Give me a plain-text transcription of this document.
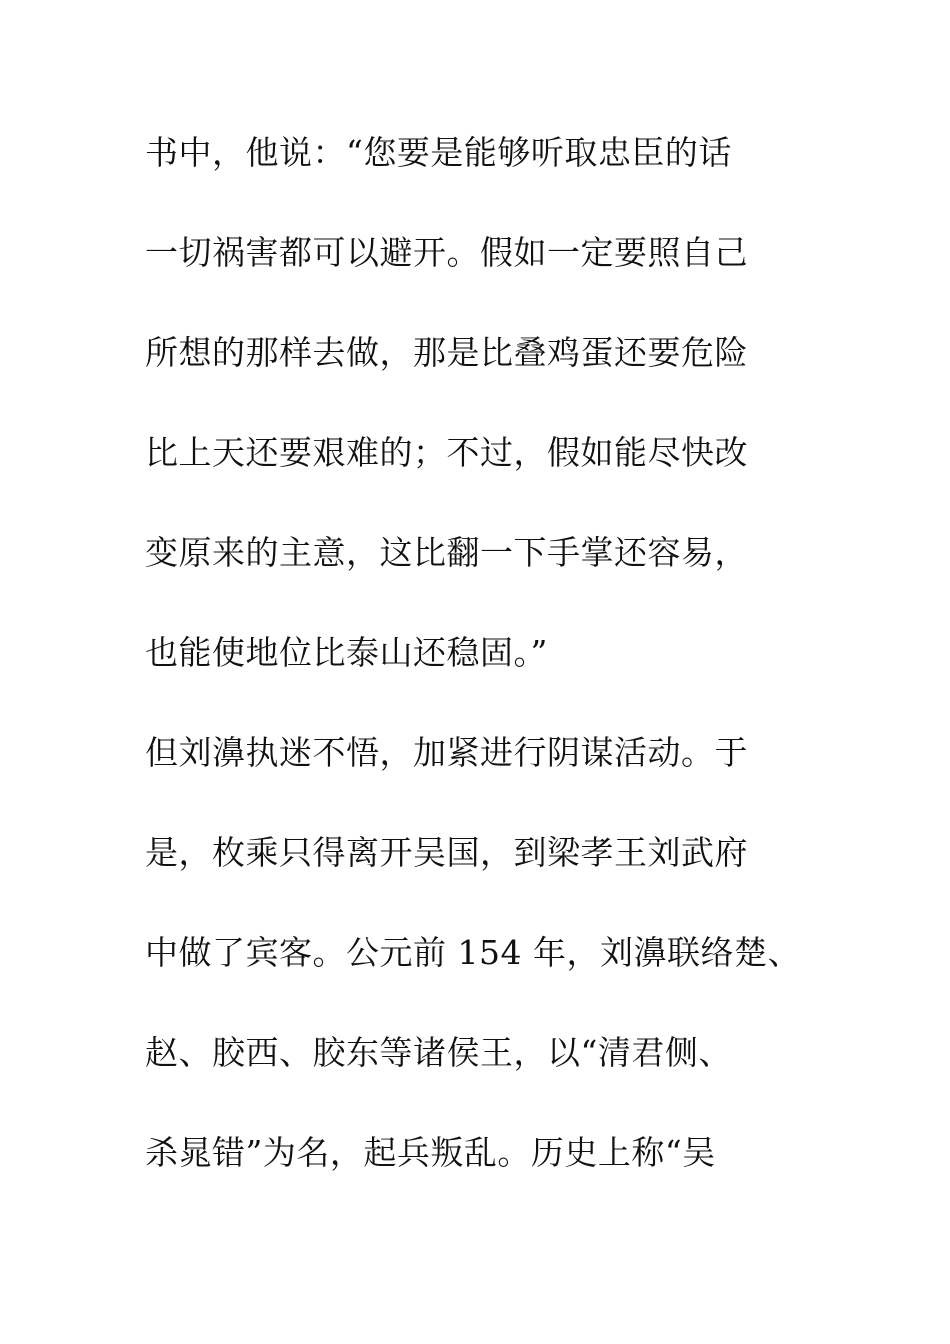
书中，他说：“您要是能够听取忠臣的话
一切祸害都可以避开。假如一定要照自己
所想的那样去做，那是比叠鸡蛋还要危险
比上天还要艰难的；不过，假如能尽快改
变原来的主意，这比翻一下手掌还容易，
也能使地位比泰山还稳固。”
但刘濞执迷不悟，加紧进行阴谋活动。于
是，枚乘只得离开吴国，到梁孝王刘武府
中做了宾客。公元前 154 年，刘濞联络楚、
赵、胶西、胶东等诸侯王，以“清君侧、
杀晁错”为名，起兵叛乱。历史上称“吴
